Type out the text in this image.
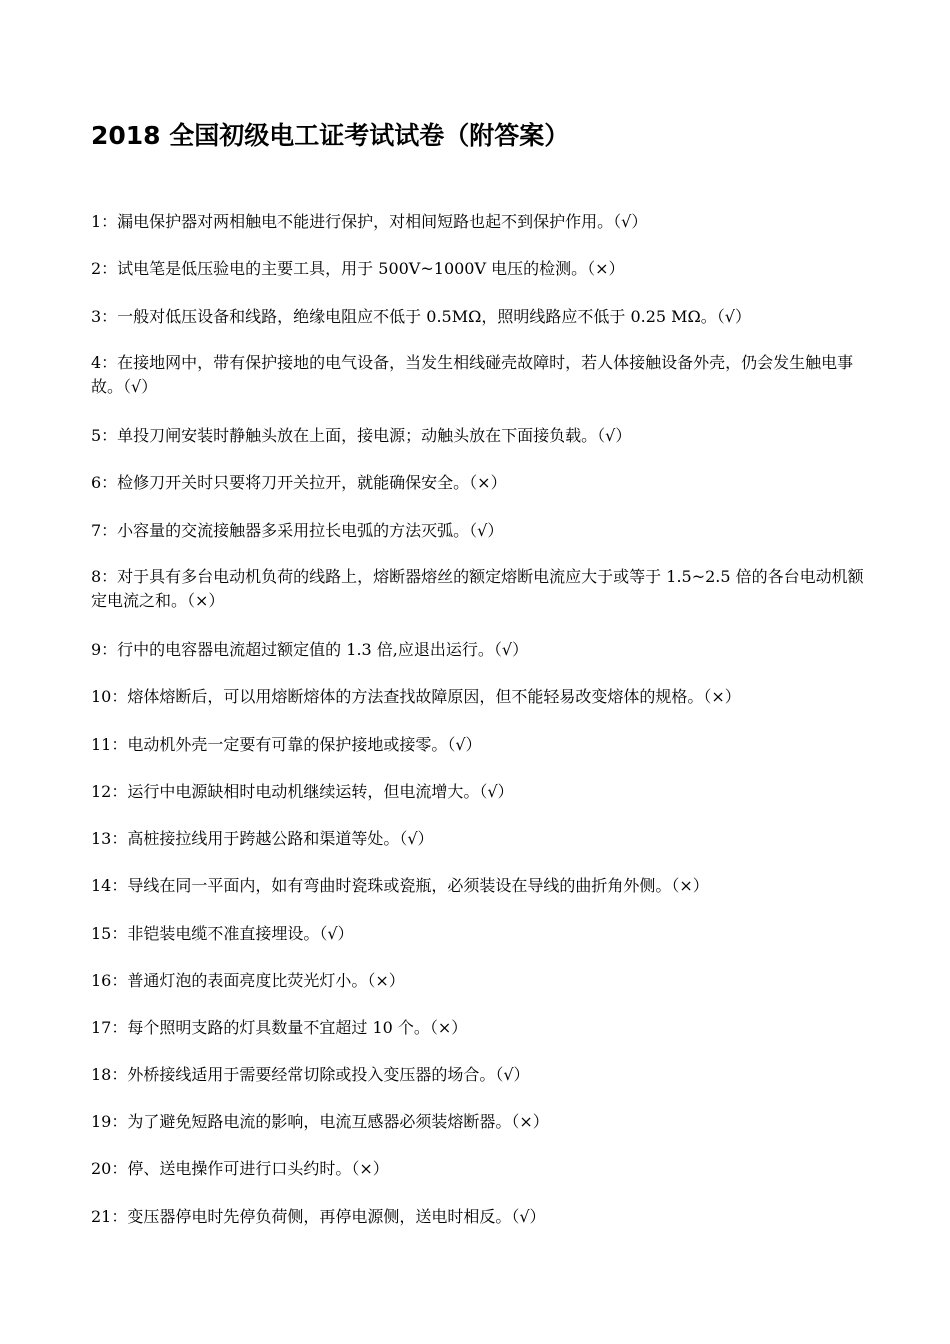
2018 全国初级电工证考试试卷（附答案）
1：漏电保护器对两相触电不能进行保护，对相间短路也起不到保护作用。（√）
2：试电笔是低压验电的主要工具，用于 500V~1000V 电压的检测。（×）
3：一般对低压设备和线路，绝缘电阻应不低于 0.5MΩ，照明线路应不低于 0.25 MΩ。（√）
4：在接地网中，带有保护接地的电气设备，当发生相线碰壳故障时，若人体接触设备外壳，仍会发生触电事故。（√）
5：单投刀闸安装时静触头放在上面，接电源；动触头放在下面接负载。（√）
6：检修刀开关时只要将刀开关拉开，就能确保安全。（×）
7：小容量的交流接触器多采用拉长电弧的方法灭弧。（√）
8：对于具有多台电动机负荷的线路上，熔断器熔丝的额定熔断电流应大于或等于 1.5~2.5 倍的各台电动机额定电流之和。（×）
9：行中的电容器电流超过额定值的 1.3 倍,应退出运行。（√）
10：熔体熔断后，可以用熔断熔体的方法查找故障原因，但不能轻易改变熔体的规格。（×）
11：电动机外壳一定要有可靠的保护接地或接零。（√）
12：运行中电源缺相时电动机继续运转，但电流增大。（√）
13：高桩接拉线用于跨越公路和渠道等处。（√）
14：导线在同一平面内，如有弯曲时瓷珠或瓷瓶，必须装设在导线的曲折角外侧。（×）
15：非铠装电缆不准直接埋设。（√）
16：普通灯泡的表面亮度比荧光灯小。（×）
17：每个照明支路的灯具数量不宜超过 10 个。（×）
18：外桥接线适用于需要经常切除或投入变压器的场合。（√）
19：为了避免短路电流的影响，电流互感器必须装熔断器。（×）
20：停、送电操作可进行口头约时。（×）
21：变压器停电时先停负荷侧，再停电源侧，送电时相反。（√）
